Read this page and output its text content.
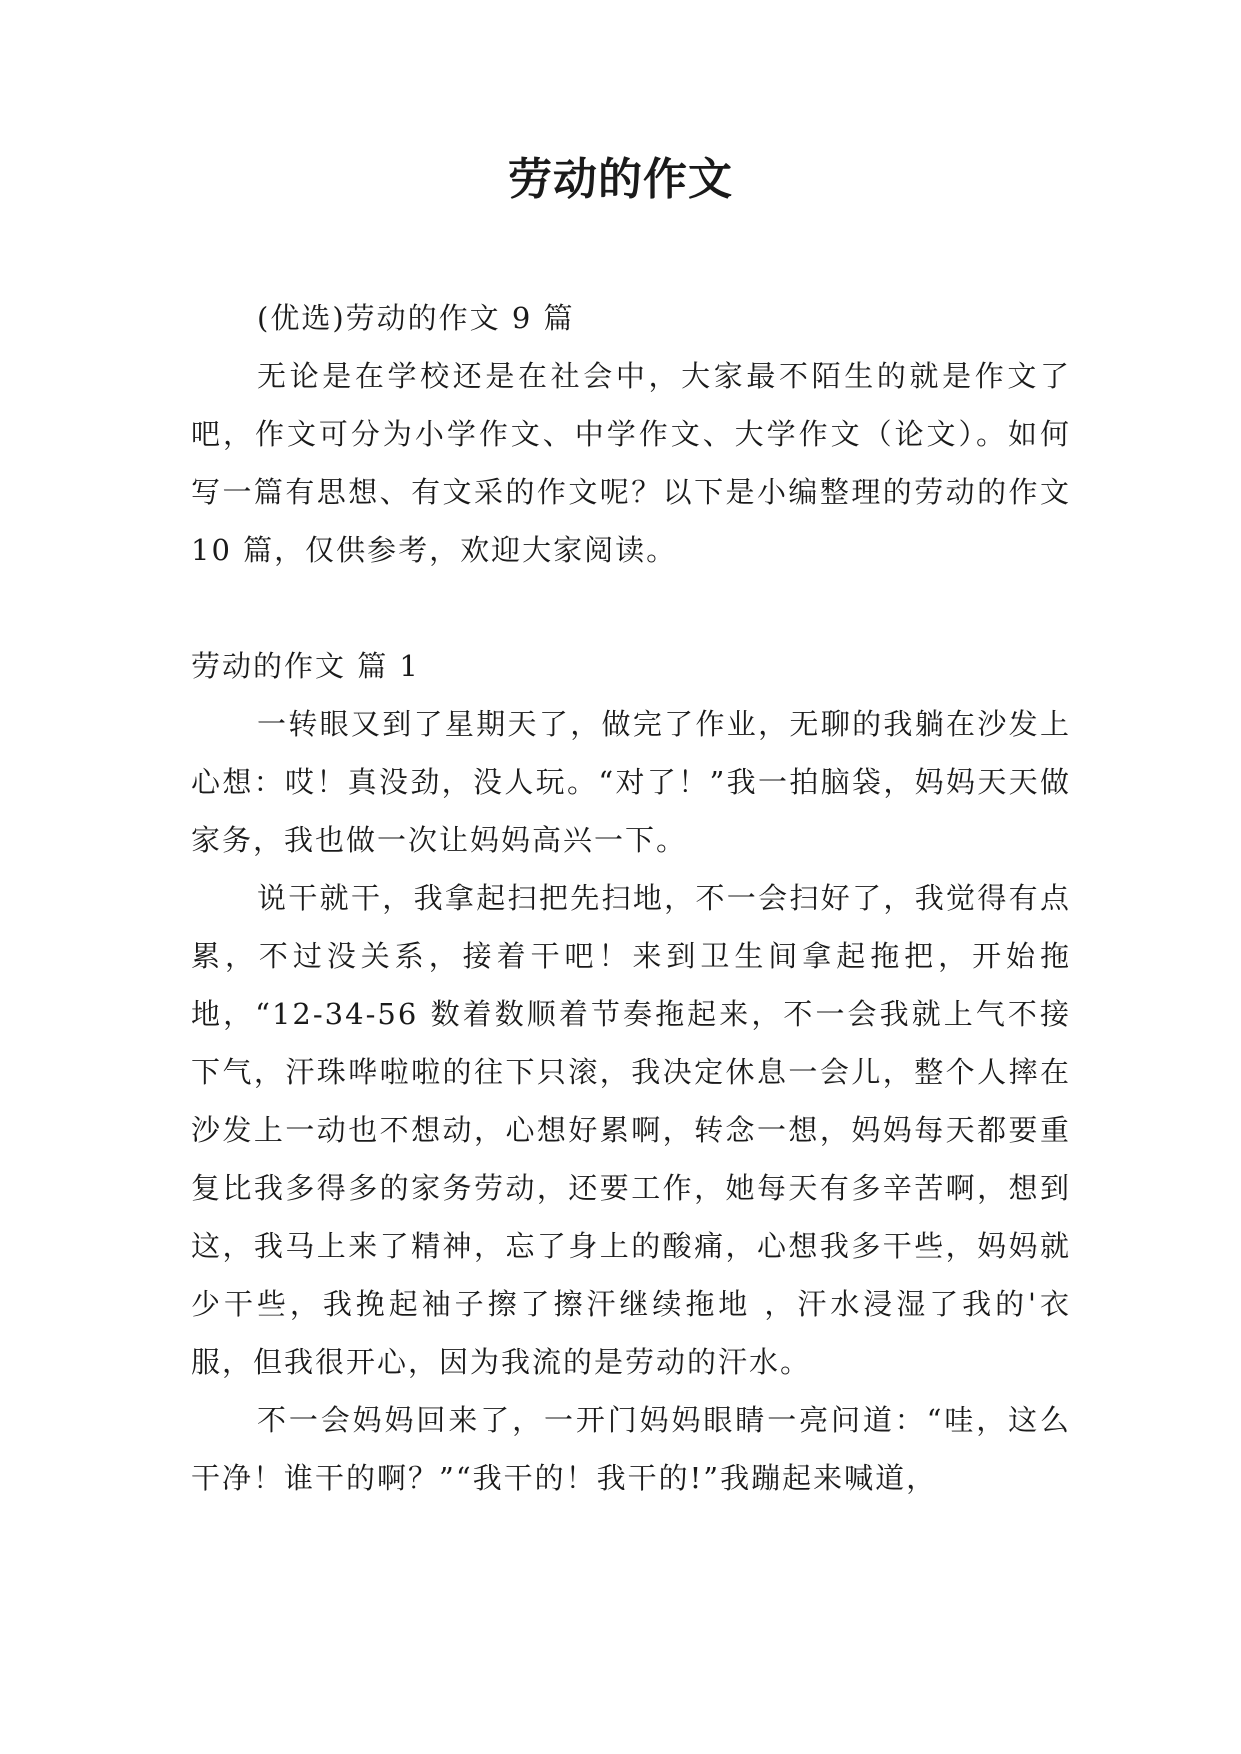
劳动的作文

(优选)劳动的作文 9 篇

无论是在学校还是在社会中，大家最不陌生的就是作文了吧，作文可分为小学作文、中学作文、大学作文（论文）。如何写一篇有思想、有文采的作文呢？以下是小编整理的劳动的作文 10 篇，仅供参考，欢迎大家阅读。

劳动的作文 篇 1

一转眼又到了星期天了，做完了作业，无聊的我躺在沙发上心想：哎！真没劲，没人玩。“对了！”我一拍脑袋，妈妈天天做家务，我也做一次让妈妈高兴一下。

说干就干，我拿起扫把先扫地，不一会扫好了，我觉得有点累，不过没关系，接着干吧！来到卫生间拿起拖把，开始拖地，“12-34-56 数着数顺着节奏拖起来，不一会我就上气不接下气，汗珠哗啦啦的往下只滚，我决定休息一会儿，整个人摔在沙发上一动也不想动，心想好累啊，转念一想，妈妈每天都要重复比我多得多的家务劳动，还要工作，她每天有多辛苦啊，想到这，我马上来了精神，忘了身上的酸痛，心想我多干些，妈妈就少干些，我挽起袖子擦了擦汗继续拖地 ，汗水浸湿了我的'衣服，但我很开心，因为我流的是劳动的汗水。

不一会妈妈回来了，一开门妈妈眼睛一亮问道：“哇，这么干净！谁干的啊？”“我干的！我干的!”我蹦起来喊道，
